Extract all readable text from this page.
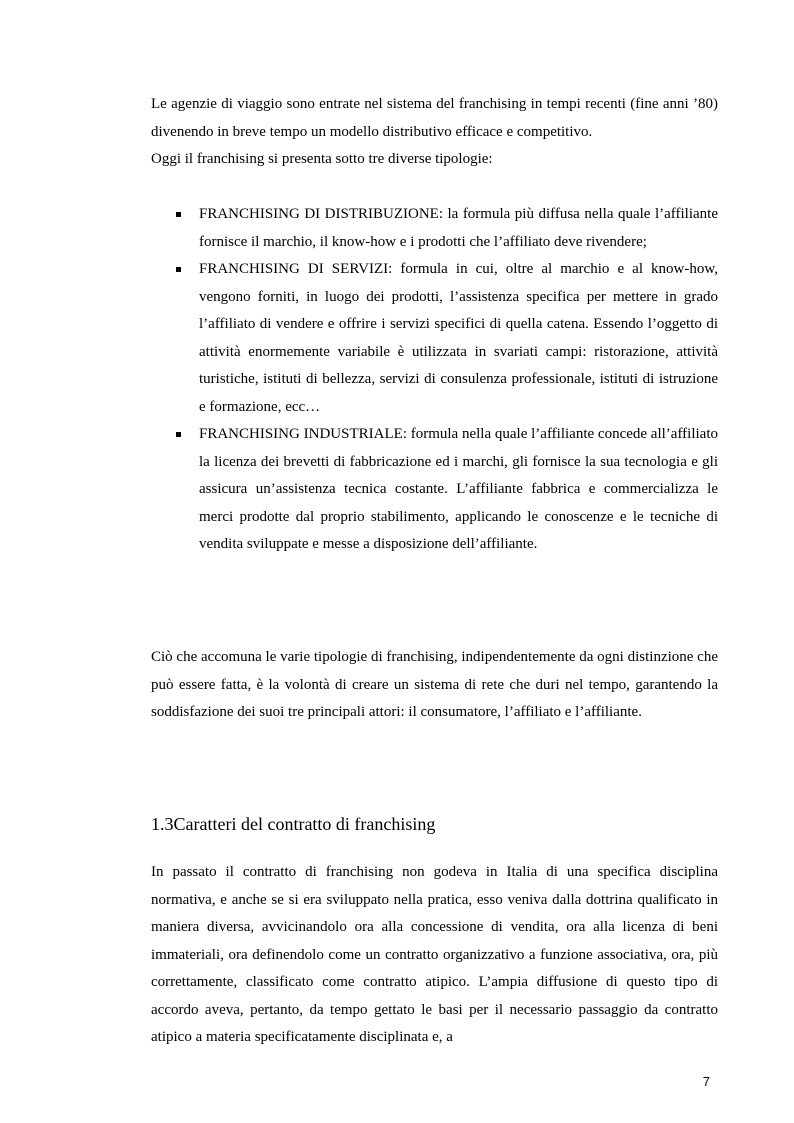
Le agenzie di viaggio sono entrate nel sistema del franchising in tempi recenti (fine anni ’80) divenendo in breve tempo un modello distributivo efficace e competitivo.

Oggi il franchising si presenta sotto tre diverse tipologie:

FRANCHISING DI DISTRIBUZIONE: la formula più diffusa nella quale l’affiliante fornisce il marchio, il know-how e i prodotti che l’affiliato deve rivendere;
FRANCHISING DI SERVIZI: formula in cui, oltre al marchio e al know-how, vengono forniti, in luogo dei prodotti, l’assistenza specifica per mettere in grado l’affiliato di vendere e offrire i servizi specifici di quella catena. Essendo l’oggetto di attività enormemente variabile è utilizzata in svariati campi: ristorazione, attività turistiche, istituti di bellezza, servizi di consulenza professionale, istituti di istruzione e formazione, ecc…
FRANCHISING INDUSTRIALE: formula nella quale l’affiliante concede all’affiliato la licenza dei brevetti di fabbricazione ed i marchi, gli fornisce la sua tecnologia e gli assicura un’assistenza tecnica costante. L’affiliante fabbrica e commercializza le merci prodotte dal proprio stabilimento, applicando le conoscenze e le tecniche di vendita sviluppate e messe a disposizione dell’affiliante.

Ciò che accomuna le varie tipologie di franchising, indipendentemente da ogni distinzione che può essere fatta, è la volontà di creare un sistema di rete che duri nel tempo, garantendo la soddisfazione dei suoi tre principali attori: il consumatore, l’affiliato e l’affiliante.

1.3Caratteri del contratto di franchising

In passato il contratto di franchising non godeva in Italia di una specifica disciplina normativa, e anche se si era sviluppato nella pratica, esso veniva dalla dottrina qualificato in maniera diversa, avvicinandolo ora alla concessione di vendita, ora alla licenza di beni immateriali, ora definendolo come un contratto organizzativo a funzione associativa, ora, più correttamente, classificato come contratto atipico. L’ampia diffusione di questo tipo di accordo aveva, pertanto, da tempo gettato le basi per il necessario passaggio da contratto atipico a materia specificatamente disciplinata e, a

7
